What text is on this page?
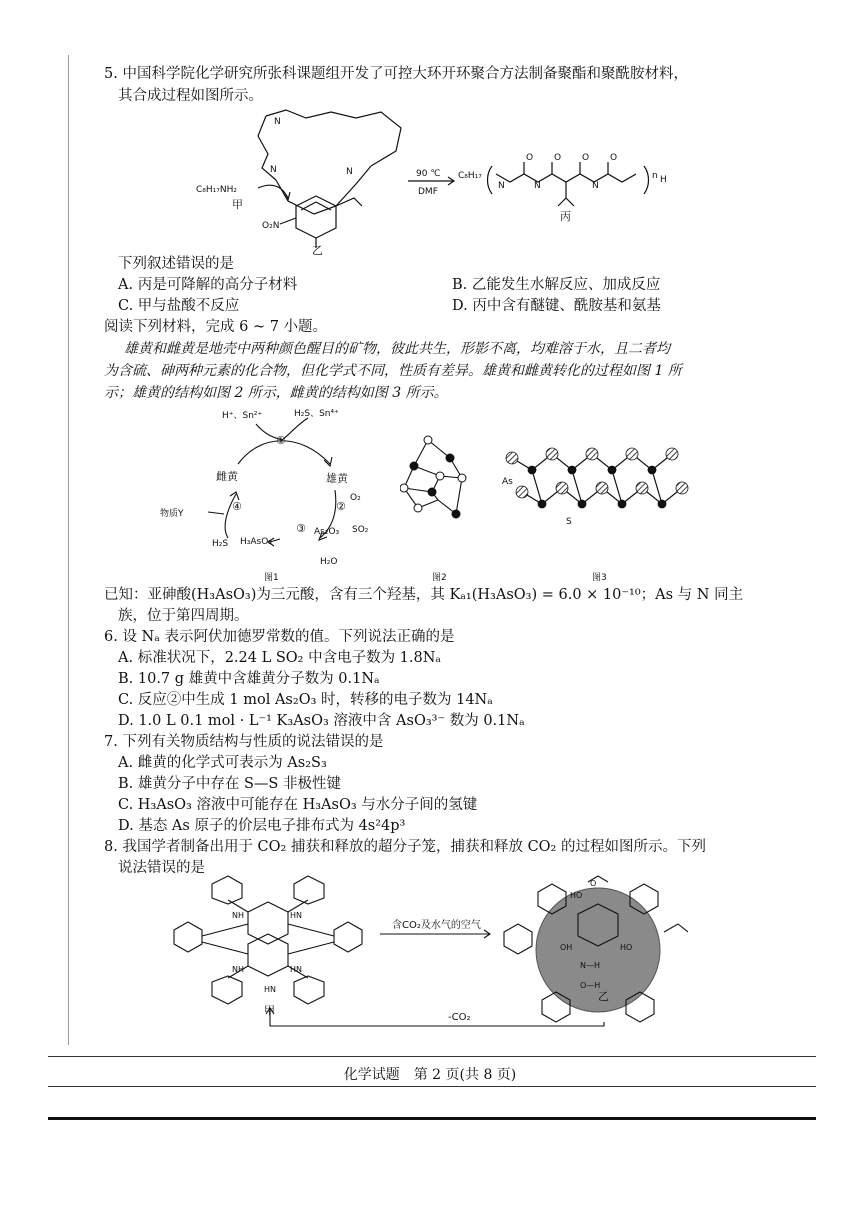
5. 中国科学院化学研究所张科课题组开发了可控大环开环聚合方法制备聚酯和聚酰胺材料，
其合成过程如图所示。
C₈H₁₇NH₂
甲
O₂N
乙
90 ℃
DMF
C₈H₁₇
丙
N
N	N
N	N	N
O O O O
n H
下列叙述错误的是
A. 丙是可降解的高分子材料	B. 乙能发生水解反应、加成反应
C. 甲与盐酸不反应	D. 丙中含有醚键、酰胺基和氨基
阅读下列材料，完成 6 ~ 7 小题。
雄黄和雌黄是地壳中两种颜色醒目的矿物，彼此共生，形影不离，均难溶于水，且二者均
为含硫、砷两种元素的化合物，但化学式不同，性质有差异。雄黄和雌黄转化的过程如图 1 所
示；雄黄的结构如图 2 所示，雌黄的结构如图 3 所示。
H⁺、Sn²⁺	H₂S、Sn⁴⁺
①
雌黄	雄黄
O₂
②
SO₂
④
物质Y
③ As₂O₃
H₃AsO₃
H₂S
H₂O
图1	图2
As
S
图3
已知：亚砷酸(H₃AsO₃)为三元酸，含有三个羟基，其 Kₐ₁(H₃AsO₃) = 6.0 × 10⁻¹⁰；As 与 N 同主
族，位于第四周期。
6. 设 Nₐ 表示阿伏加德罗常数的值。下列说法正确的是
A. 标准状况下，2.24 L SO₂ 中含电子数为 1.8Nₐ
B. 10.7 g 雄黄中含雄黄分子数为 0.1Nₐ
C. 反应②中生成 1 mol As₂O₃ 时，转移的电子数为 14Nₐ
D. 1.0 L 0.1 mol · L⁻¹ K₃AsO₃ 溶液中含 AsO₃³⁻ 数为 0.1Nₐ
7. 下列有关物质结构与性质的说法错误的是
A. 雌黄的化学式可表示为 As₂S₃
B. 雄黄分子中存在 S—S 非极性键
C. H₃AsO₃ 溶液中可能存在 H₃AsO₃ 与水分子间的氢键
D. 基态 As 原子的价层电子排布式为 4s²4p³
8. 我国学者制备出用于 CO₂ 捕获和释放的超分子笼，捕获和释放 CO₂ 的过程如图所示。下列
说法错误的是
NH	HN
NH	HN
HN
O
HO
OH	HO
N—H
O—H
含CO₂及水气的空气
-CO₂
甲
乙
化学试题　第 2 页(共 8 页)
